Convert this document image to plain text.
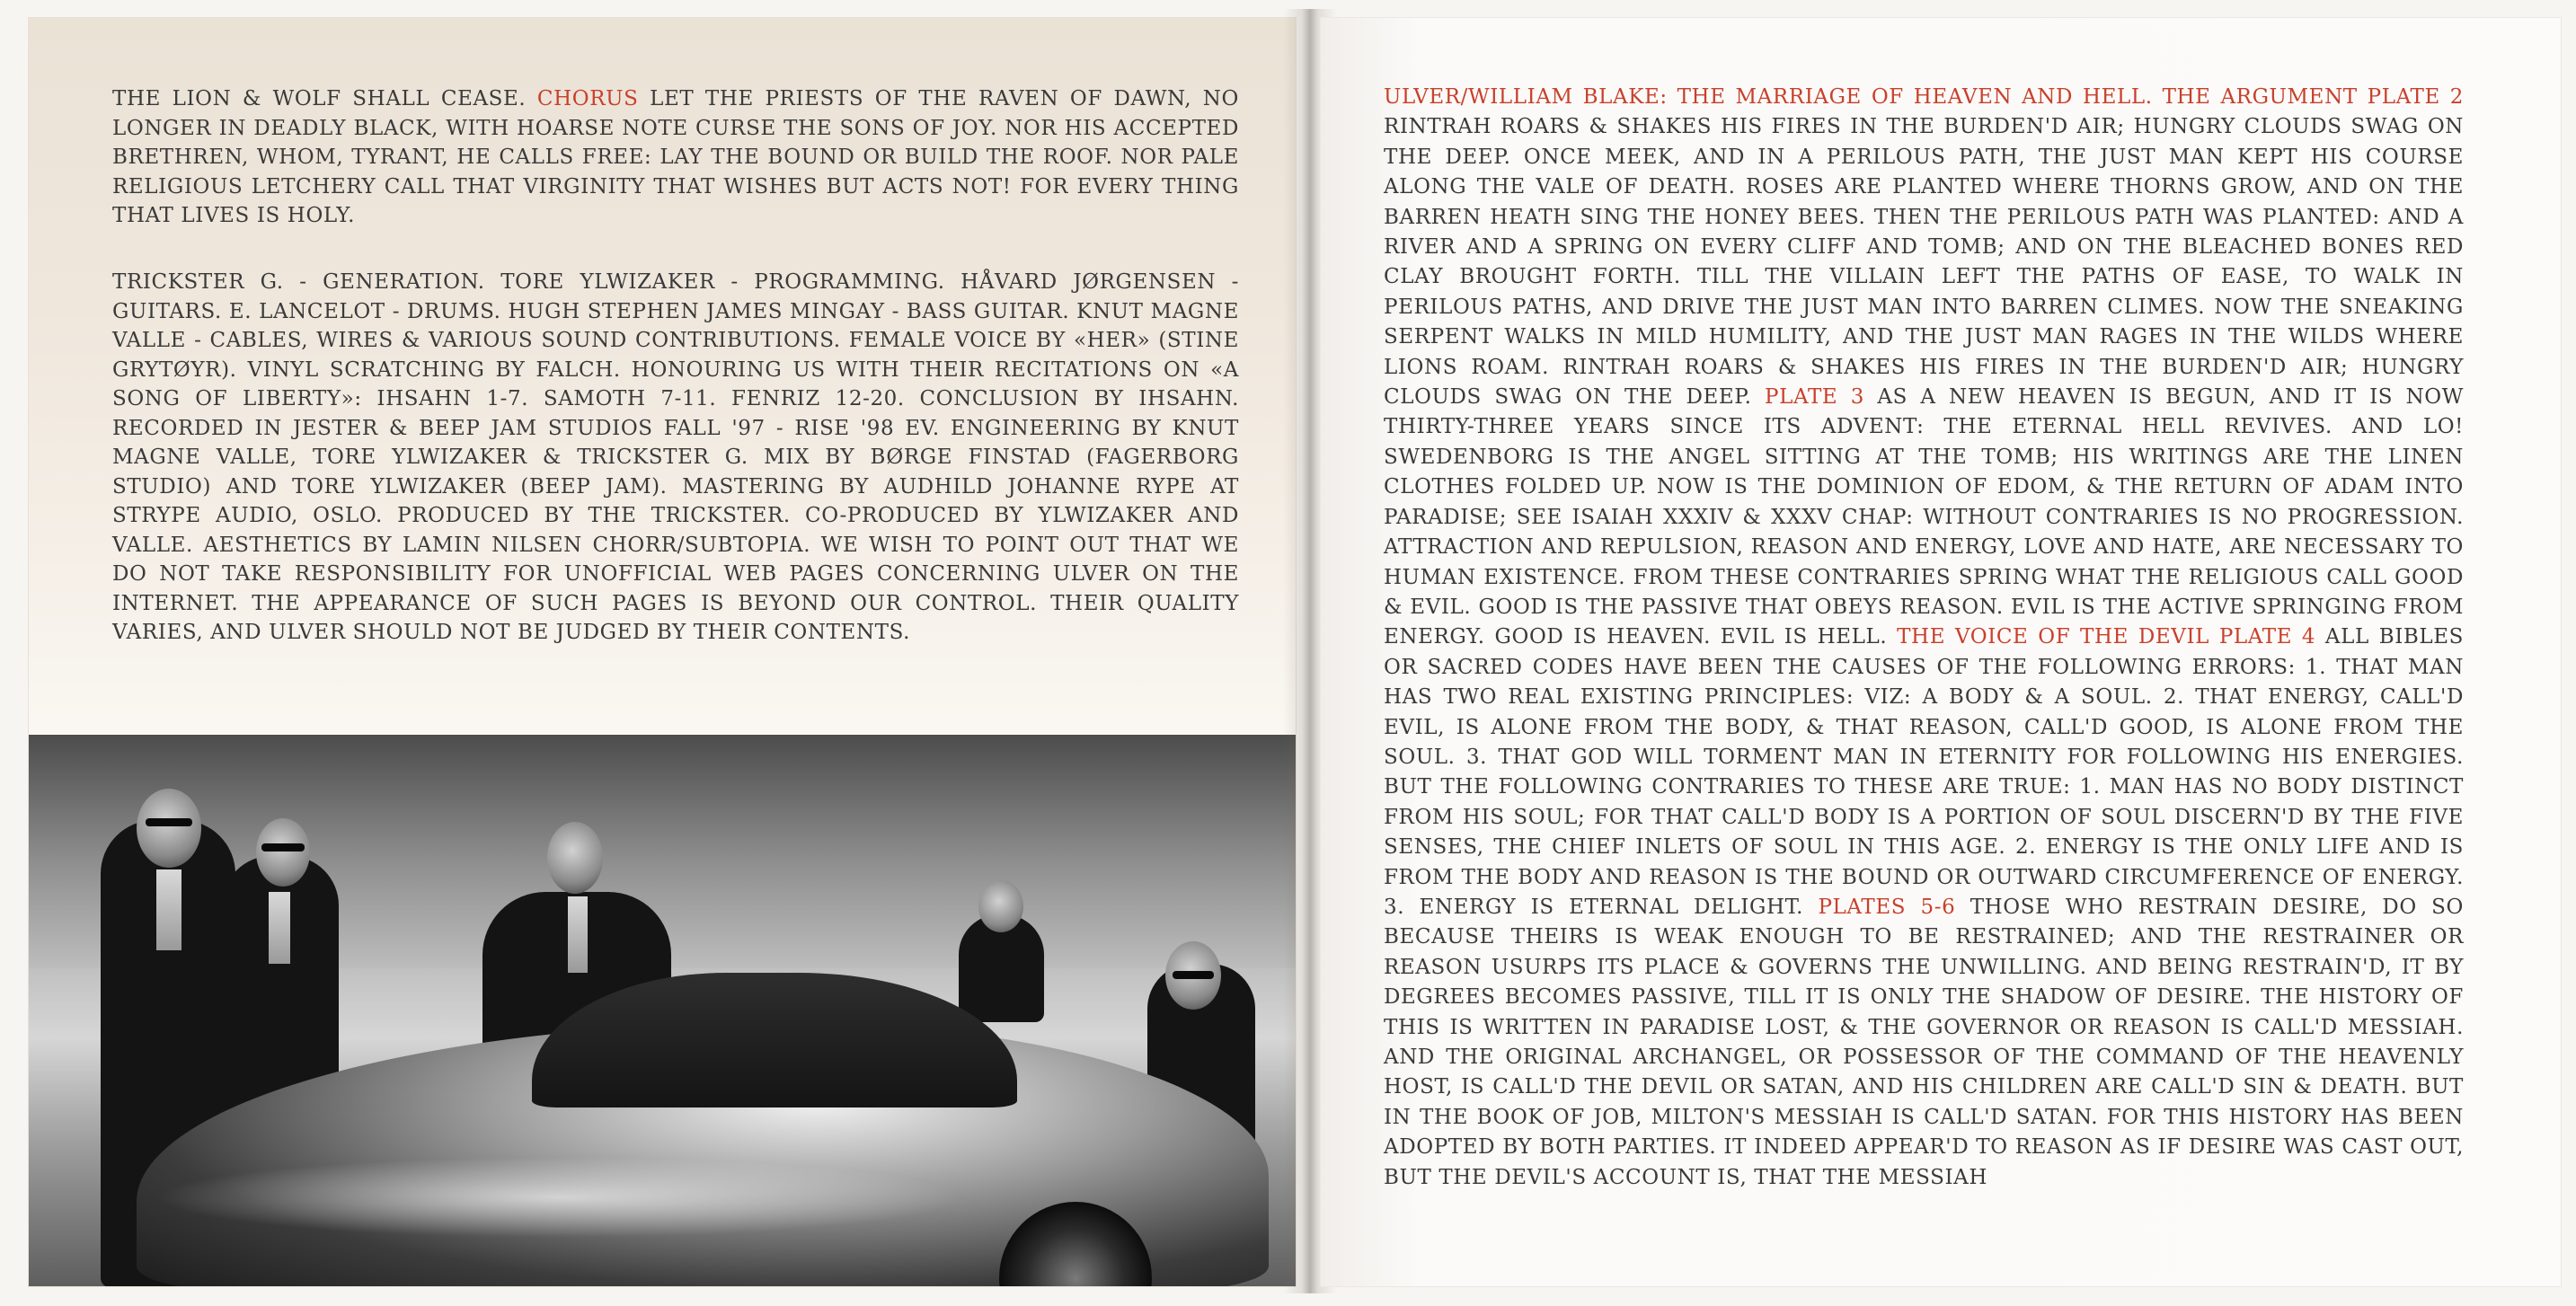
THE LION & WOLF SHALL CEASE. CHORUS LET THE PRIESTS OF THE RAVEN OF DAWN, NO LONGER IN DEADLY BLACK, WITH HOARSE NOTE CURSE THE SONS OF JOY. NOR HIS ACCEPTED BRETHREN, WHOM, TYRANT, HE CALLS FREE: LAY THE BOUND OR BUILD THE ROOF. NOR PALE RELIGIOUS LETCHERY CALL THAT VIRGINITY THAT WISHES BUT ACTS NOT! FOR EVERY THING THAT LIVES IS HOLY.

TRICKSTER G. - GENERATION. TORE YLWIZAKER - PROGRAMMING. HÅVARD JØRGENSEN - GUITARS. E. LANCELOT - DRUMS. HUGH STEPHEN JAMES MINGAY - BASS GUITAR. KNUT MAGNE VALLE - CABLES, WIRES & VARIOUS SOUND CONTRIBUTIONS. FEMALE VOICE BY «HER» (STINE GRYTØYR). VINYL SCRATCHING BY FALCH. HONOURING US WITH THEIR RECITATIONS ON «A SONG OF LIBERTY»: IHSAHN 1-7. SAMOTH 7-11. FENRIZ 12-20. CONCLUSION BY IHSAHN. RECORDED IN JESTER & BEEP JAM STUDIOS FALL '97 - RISE '98 EV. ENGINEERING BY KNUT MAGNE VALLE, TORE YLWIZAKER & TRICKSTER G. MIX BY BØRGE FINSTAD (FAGERBORG STUDIO) AND TORE YLWIZAKER (BEEP JAM). MASTERING BY AUDHILD JOHANNE RYPE AT STRYPE AUDIO, OSLO. PRODUCED BY THE TRICKSTER. CO-PRODUCED BY YLWIZAKER AND VALLE. AESTHETICS BY LAMIN NILSEN CHORR/SUBTOPIA. WE WISH TO POINT OUT THAT WE DO NOT TAKE RESPONSIBILITY FOR UNOFFICIAL WEB PAGES CONCERNING ULVER ON THE INTERNET. THE APPEARANCE OF SUCH PAGES IS BEYOND OUR CONTROL. THEIR QUALITY VARIES, AND ULVER SHOULD NOT BE JUDGED BY THEIR CONTENTS.

ULVER/WILLIAM BLAKE: THE MARRIAGE OF HEAVEN AND HELL. THE ARGUMENT PLATE 2 RINTRAH ROARS & SHAKES HIS FIRES IN THE BURDEN'D AIR; HUNGRY CLOUDS SWAG ON THE DEEP. ONCE MEEK, AND IN A PERILOUS PATH, THE JUST MAN KEPT HIS COURSE ALONG THE VALE OF DEATH. ROSES ARE PLANTED WHERE THORNS GROW, AND ON THE BARREN HEATH SING THE HONEY BEES. THEN THE PERILOUS PATH WAS PLANTED: AND A RIVER AND A SPRING ON EVERY CLIFF AND TOMB; AND ON THE BLEACHED BONES RED CLAY BROUGHT FORTH. TILL THE VILLAIN LEFT THE PATHS OF EASE, TO WALK IN PERILOUS PATHS, AND DRIVE THE JUST MAN INTO BARREN CLIMES. NOW THE SNEAKING SERPENT WALKS IN MILD HUMILITY, AND THE JUST MAN RAGES IN THE WILDS WHERE LIONS ROAM. RINTRAH ROARS & SHAKES HIS FIRES IN THE BURDEN'D AIR; HUNGRY CLOUDS SWAG ON THE DEEP. PLATE 3 AS A NEW HEAVEN IS BEGUN, AND IT IS NOW THIRTY-THREE YEARS SINCE ITS ADVENT: THE ETERNAL HELL REVIVES. AND LO! SWEDENBORG IS THE ANGEL SITTING AT THE TOMB; HIS WRITINGS ARE THE LINEN CLOTHES FOLDED UP. NOW IS THE DOMINION OF EDOM, & THE RETURN OF ADAM INTO PARADISE; SEE ISAIAH XXXIV & XXXV CHAP: WITHOUT CONTRARIES IS NO PROGRESSION. ATTRACTION AND REPULSION, REASON AND ENERGY, LOVE AND HATE, ARE NECESSARY TO HUMAN EXISTENCE. FROM THESE CONTRARIES SPRING WHAT THE RELIGIOUS CALL GOOD & EVIL. GOOD IS THE PASSIVE THAT OBEYS REASON. EVIL IS THE ACTIVE SPRINGING FROM ENERGY. GOOD IS HEAVEN. EVIL IS HELL. THE VOICE OF THE DEVIL PLATE 4 ALL BIBLES OR SACRED CODES HAVE BEEN THE CAUSES OF THE FOLLOWING ERRORS: 1. THAT MAN HAS TWO REAL EXISTING PRINCIPLES: VIZ: A BODY & A SOUL. 2. THAT ENERGY, CALL'D EVIL, IS ALONE FROM THE BODY, & THAT REASON, CALL'D GOOD, IS ALONE FROM THE SOUL. 3. THAT GOD WILL TORMENT MAN IN ETERNITY FOR FOLLOWING HIS ENERGIES. BUT THE FOLLOWING CONTRARIES TO THESE ARE TRUE: 1. MAN HAS NO BODY DISTINCT FROM HIS SOUL; FOR THAT CALL'D BODY IS A PORTION OF SOUL DISCERN'D BY THE FIVE SENSES, THE CHIEF INLETS OF SOUL IN THIS AGE. 2. ENERGY IS THE ONLY LIFE AND IS FROM THE BODY AND REASON IS THE BOUND OR OUTWARD CIRCUMFERENCE OF ENERGY. 3. ENERGY IS ETERNAL DELIGHT. PLATES 5-6 THOSE WHO RESTRAIN DESIRE, DO SO BECAUSE THEIRS IS WEAK ENOUGH TO BE RESTRAINED; AND THE RESTRAINER OR REASON USURPS ITS PLACE & GOVERNS THE UNWILLING. AND BEING RESTRAIN'D, IT BY DEGREES BECOMES PASSIVE, TILL IT IS ONLY THE SHADOW OF DESIRE. THE HISTORY OF THIS IS WRITTEN IN PARADISE LOST, & THE GOVERNOR OR REASON IS CALL'D MESSIAH. AND THE ORIGINAL ARCHANGEL, OR POSSESSOR OF THE COMMAND OF THE HEAVENLY HOST, IS CALL'D THE DEVIL OR SATAN, AND HIS CHILDREN ARE CALL'D SIN & DEATH. BUT IN THE BOOK OF JOB, MILTON'S MESSIAH IS CALL'D SATAN. FOR THIS HISTORY HAS BEEN ADOPTED BY BOTH PARTIES. IT INDEED APPEAR'D TO REASON AS IF DESIRE WAS CAST OUT, BUT THE DEVIL'S ACCOUNT IS, THAT THE MESSIAH
